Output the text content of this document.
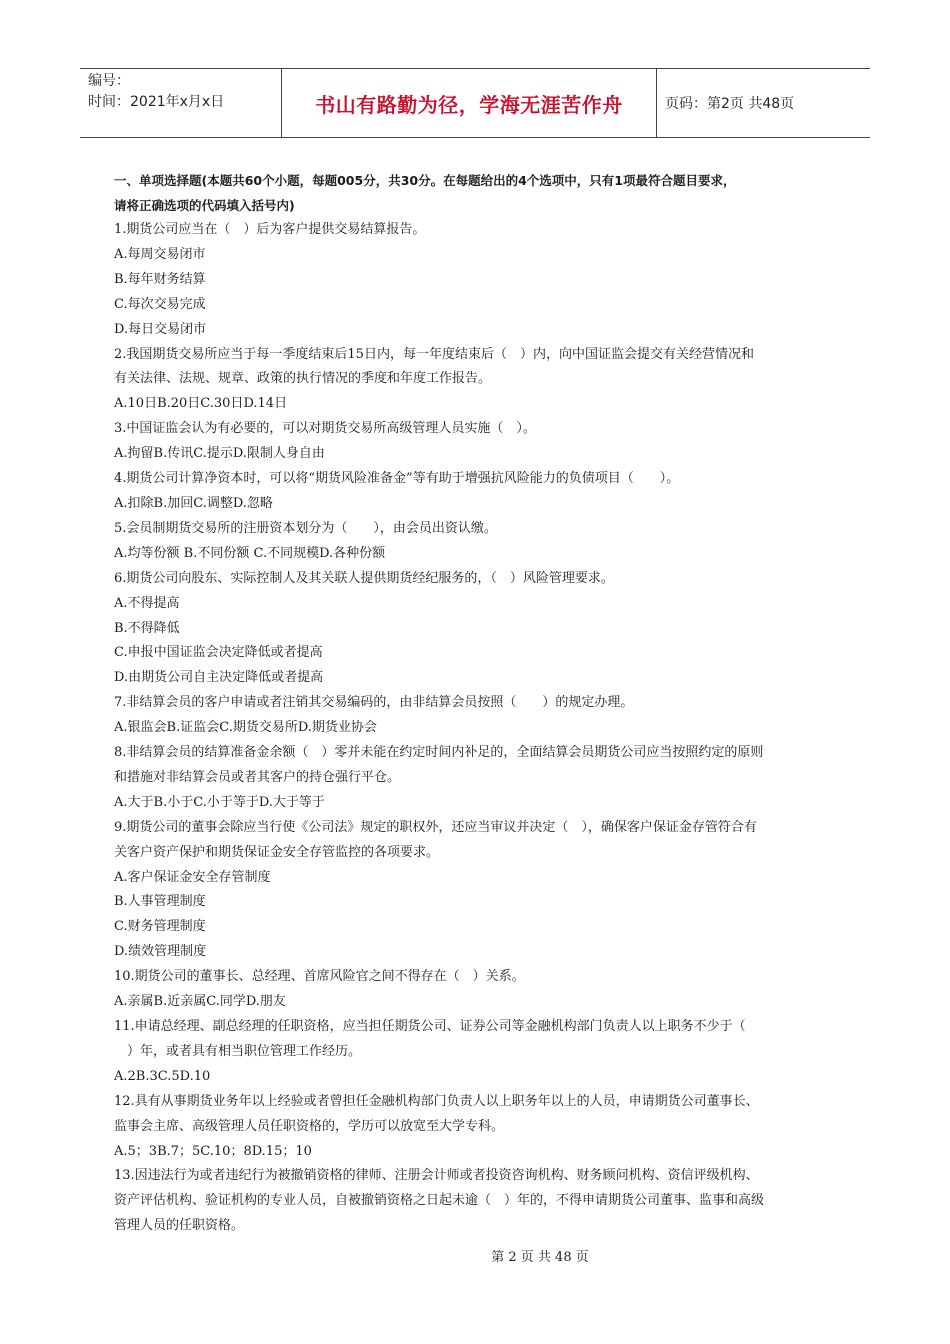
编号：
时间：2021年x月x日	书山有路勤为径，学海无涯苦作舟	页码：第2页 共48页
一、单项选择题(本题共60个小题，每题005分，共30分。在每题给出的4个选项中，只有1项最符合题目要求，
请将正确选项的代码填入括号内)
1.期货公司应当在（　）后为客户提供交易结算报告。
A.每周交易闭市
B.每年财务结算
C.每次交易完成
D.每日交易闭市
2.我国期货交易所应当于每一季度结束后15日内，每一年度结束后（　）内，向中国证监会提交有关经营情况和
有关法律、法规、规章、政策的执行情况的季度和年度工作报告。
A.10日B.20日C.30日D.14日
3.中国证监会认为有必要的，可以对期货交易所高级管理人员实施（　）。
A.拘留B.传讯C.提示D.限制人身自由
4.期货公司计算净资本时，可以将“期货风险准备金”等有助于增强抗风险能力的负债项目（　　）。
A.扣除B.加回C.调整D.忽略
5.会员制期货交易所的注册资本划分为（　　），由会员出资认缴。
A.均等份额 B.不同份额 C.不同规模D.各种份额
6.期货公司向股东、实际控制人及其关联人提供期货经纪服务的，（　）风险管理要求。
A.不得提高
B.不得降低
C.申报中国证监会决定降低或者提高
D.由期货公司自主决定降低或者提高
7.非结算会员的客户申请或者注销其交易编码的，由非结算会员按照（　　）的规定办理。
A.银监会B.证监会C.期货交易所D.期货业协会
8.非结算会员的结算准备金余额（　）零并未能在约定时间内补足的，全面结算会员期货公司应当按照约定的原则
和措施对非结算会员或者其客户的持仓强行平仓。
A.大于B.小于C.小于等于D.大于等于
9.期货公司的董事会除应当行使《公司法》规定的职权外，还应当审议并决定（　），确保客户保证金存管符合有
关客户资产保护和期货保证金安全存管监控的各项要求。
A.客户保证金安全存管制度
B.人事管理制度
C.财务管理制度
D.绩效管理制度
10.期货公司的董事长、总经理、首席风险官之间不得存在（　）关系。
A.亲属B.近亲属C.同学D.朋友
11.申请总经理、副总经理的任职资格，应当担任期货公司、证券公司等金融机构部门负责人以上职务不少于（
　）年，或者具有相当职位管理工作经历。
A.2B.3C.5D.10
12.具有从事期货业务年以上经验或者曾担任金融机构部门负责人以上职务年以上的人员，申请期货公司董事长、
监事会主席、高级管理人员任职资格的，学历可以放宽至大学专科。
A.5；3B.7；5C.10；8D.15；10
13.因违法行为或者违纪行为被撤销资格的律师、注册会计师或者投资咨询机构、财务顾问机构、资信评级机构、
资产评估机构、验证机构的专业人员，自被撤销资格之日起未逾（　）年的，不得申请期货公司董事、监事和高级
管理人员的任职资格。
第 2 页 共 48 页
